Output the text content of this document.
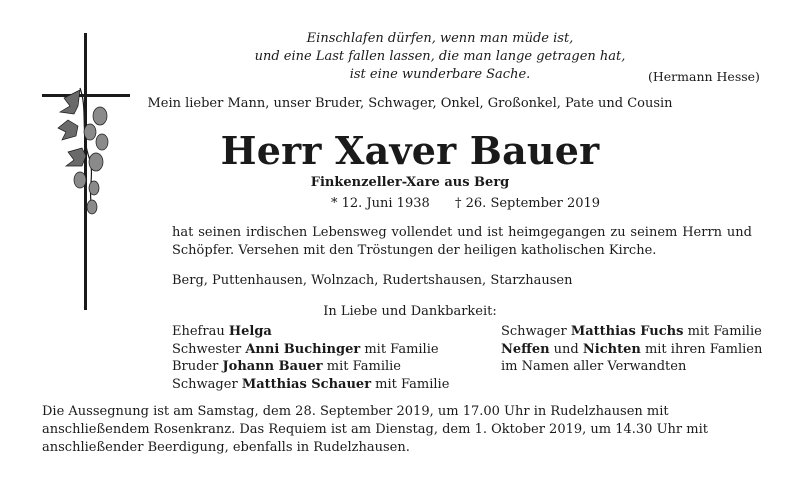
Einschlafen dürfen, wenn man müde ist,
und eine Last fallen lassen, die man lange getragen hat,
ist eine wunderbare Sache.	(Hermann Hesse)
Mein lieber Mann, unser Bruder, Schwager, Onkel, Großonkel, Pate und Cousin
Herr Xaver Bauer
Finkenzeller-Xare aus Berg
* 12. Juni 1938 † 26. September 2019
hat seinen irdischen Lebensweg vollendet und ist heimgegangen zu seinem Herrn und Schöpfer. Versehen mit den Tröstungen der heiligen katholischen Kirche.
Berg, Puttenhausen, Wolnzach, Rudertshausen, Starzhausen
In Liebe und Dankbarkeit:
Ehefrau Helga
Schwester Anni Buchinger mit Familie
Bruder Johann Bauer mit Familie
Schwager Matthias Schauer mit Familie
Schwager Matthias Fuchs mit Familie
Neffen und Nichten mit ihren Famlien
im Namen aller Verwandten
Die Aussegnung ist am Samstag, dem 28. September 2019, um 17.00 Uhr in Rudelzhausen mit anschließendem Rosenkranz. Das Requiem ist am Dienstag, dem 1. Oktober 2019, um 14.30 Uhr mit anschließender Beerdigung, ebenfalls in Rudelzhausen.
